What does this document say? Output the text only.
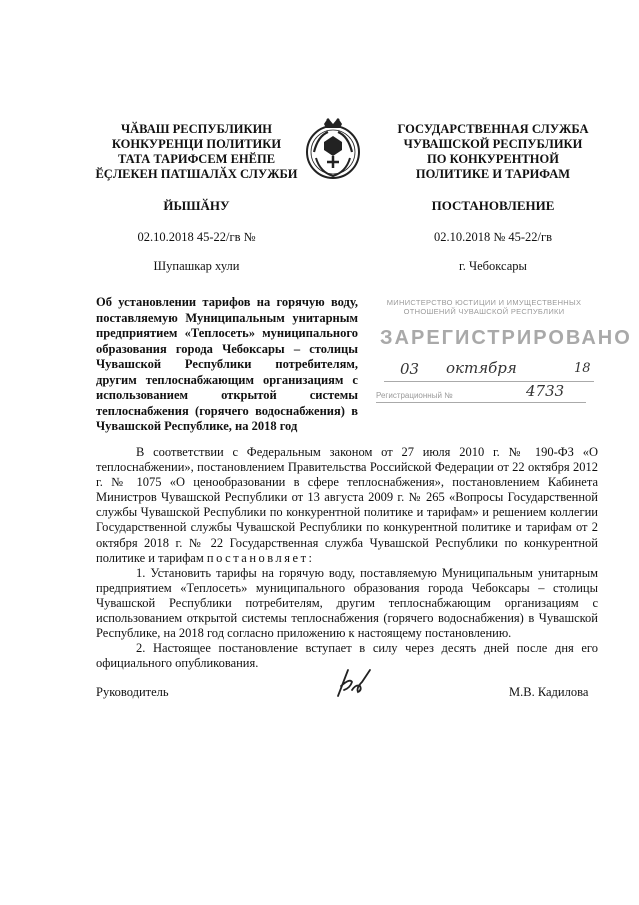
ЧӐВАШ РЕСПУБЛИКИН
КОНКУРЕНЦИ ПОЛИТИКИ
ТАТА ТАРИФСЕМ ЕНӖПЕ
ӖҪЛЕКЕН ПАТШАЛӐХ СЛУЖБИ
ГОСУДАРСТВЕННАЯ СЛУЖБА
ЧУВАШСКОЙ РЕСПУБЛИКИ
ПО КОНКУРЕНТНОЙ
ПОЛИТИКЕ И ТАРИФАМ
ЙЫШӐНУ	ПОСТАНОВЛЕНИЕ
02.10.2018 45-22/гв №	02.10.2018 № 45-22/гв
Шупашкар хули	г. Чебоксары
Об установлении тарифов на горячую воду, поставляемую Муниципальным унитарным предприятием «Теплосеть» муниципального образования города Чебоксары – столицы Чувашской Республики потребителям, другим теплоснабжающим организациям с использованием открытой системы теплоснабжения (горячего водоснабжения) в Чувашской Республике, на 2018 год
МИНИСТЕРСТВО ЮСТИЦИИ И ИМУЩЕСТВЕННЫХ
ОТНОШЕНИЙ ЧУВАШСКОЙ РЕСПУБЛИКИ
ЗАРЕГИСТРИРОВАНО
03 октября	18
Регистрационный №	4733

В соответствии с Федеральным законом от 27 июля 2010 г. № 190-ФЗ «О теплоснабжении», постановлением Правительства Российской Федерации от 22 октября 2012 г. № 1075 «О ценообразовании в сфере теплоснабжения», постановлением Кабинета Министров Чувашской Республики от 13 августа 2009 г. № 265 «Вопросы Государственной службы Чувашской Республики по конкурентной политике и тарифам» и решением коллегии Государственной службы Чувашской Республики по конкурентной политике и тарифам от 2 октября 2018 г. № 22 Государственная служба Чувашской Республики по конкурентной политике и тарифам постановляет:

1. Установить тарифы на горячую воду, поставляемую Муниципальным унитарным предприятием «Теплосеть» муниципального образования города Чебоксары – столицы Чувашской Республики потребителям, другим теплоснабжающим организациям с использованием открытой системы теплоснабжения (горячего водоснабжения) в Чувашской Республике, на 2018 год согласно приложению к настоящему постановлению.

2. Настоящее постановление вступает в силу через десять дней после дня его официального опубликования.

Руководитель	М.В. Кадилова
